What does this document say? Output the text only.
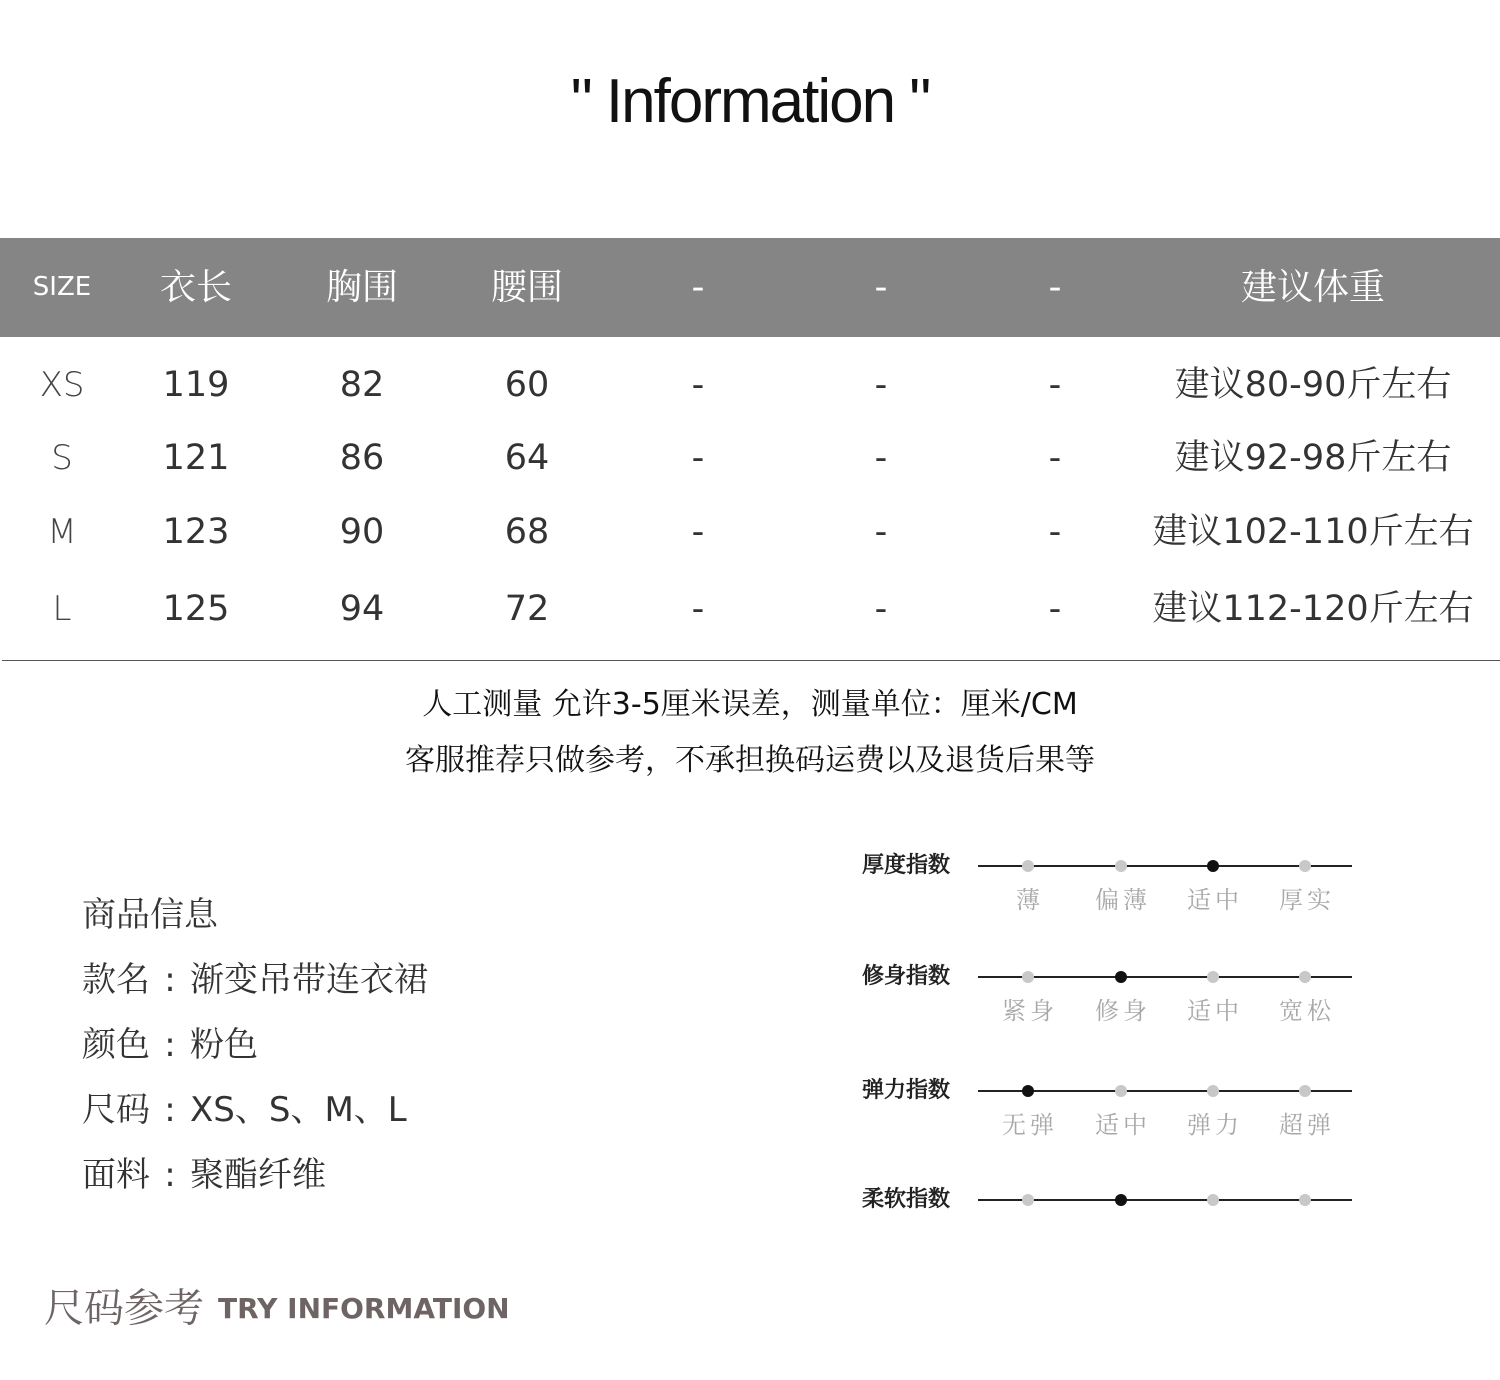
" Information "
SIZE 衣长	胸围	腰围	-	-	-	建议体重
XS 119	82	60	-	-	-	建议80-90斤左右
S	121	86	64	-	-	-	建议92-98斤左右
M 123	90	68	-	-	-	建议102-110斤左右
L	125	94	72	-	-	-	建议112-120斤左右
人工测量 允许3-5厘米误差，测量单位：厘米/CM
客服推荐只做参考，不承担换码运费以及退货后果等
商品信息
款名 : 渐变吊带连衣裙
颜色 : 粉色
尺码 : XS、S、M、L
面料 : 聚酯纤维
厚度指数
薄 偏薄 适中 厚实
修身指数
紧身 修身 适中 宽松
弹力指数
无弹 适中 弹力 超弹
柔软指数
尺码参考 TRY INFORMATION
